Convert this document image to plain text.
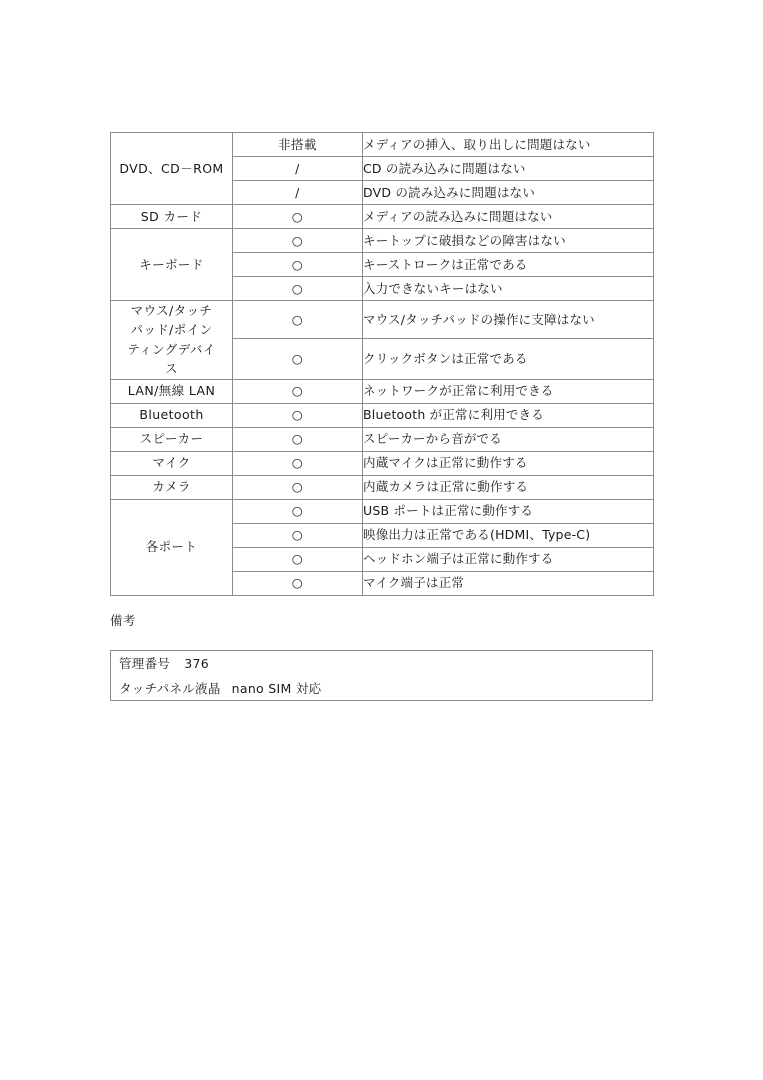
DVD、CD－ROM	非搭載	メディアの挿入、取り出しに問題はない
	/	CD の読み込みに問題はない
	/	DVD の読み込みに問題はない

SD カード	○	メディアの読み込みに問題はない

キーボード	○	キートップに破損などの障害はない
	○	キーストロークは正常である
	○	入力できないキーはない

マウス/タッチ
パッド/ポイン
ティングデバイ
ス	○	マウス/タッチパッドの操作に支障はない
	○	クリックボタンは正常である

LAN/無線 LAN	○	ネットワークが正常に利用できる

Bluetooth	○	Bluetooth が正常に利用できる

スピーカー	○	スピーカーから音がでる

マイク	○	内蔵マイクは正常に動作する

カメラ	○	内蔵カメラは正常に動作する

各ポート	○	USB ポートは正常に動作する
	○	映像出力は正常である(HDMI、Type-C)
	○	ヘッドホン端子は正常に動作する
	○	マイク端子は正常
備考
管理番号 376
タッチパネル液晶 nano SIM 対応
